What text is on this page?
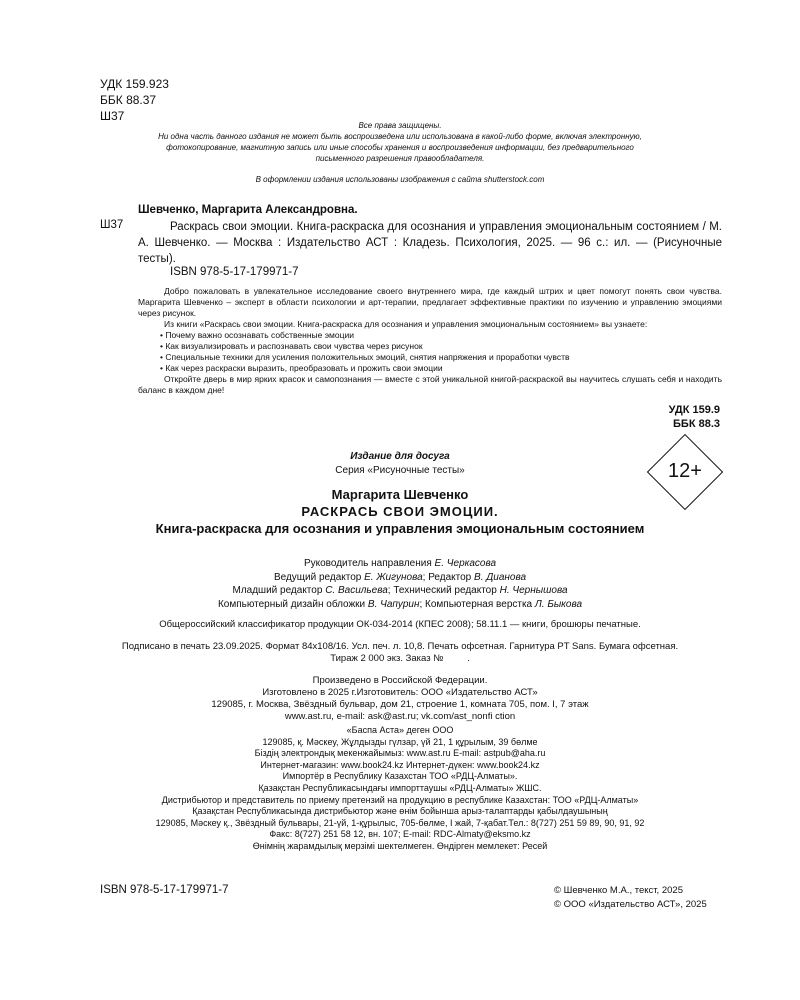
УДК 159.923
ББК 88.37
Ш37
Все права защищены.
Ни одна часть данного издания не может быть воспроизведена или использована в какой-либо форме, включая электронную,
фотокопирование, магнитную запись или иные способы хранения и воспроизведения информации, без предварительного
письменного разрешения правообладателя.
В оформлении издания использованы изображения с сайта shutterstock.com
Шевченко, Маргарита Александровна.
Ш37	Раскрась свои эмоции. Книга-раскраска для осознания и управления эмоциональным состоянием / М. А. Шевченко. — Москва : Издательство АСТ : Кладезь. Психология, 2025. — 96 с.: ил. — (Рисуночные тесты).
ISBN 978-5-17-179971-7

Добро пожаловать в увлекательное исследование своего внутреннего мира, где каждый штрих и цвет помогут понять свои чувства. Маргарита Шевченко – эксперт в области психологии и арт-терапии, предлагает эффективные практики по изучению и управлению эмоциями через рисунок.

Из книги «Раскрась свои эмоции. Книга-раскраска для осознания и управления эмоциональным состоянием» вы узнаете:

• Почему важно осознавать собственные эмоции
• Как визуализировать и распознавать свои чувства через рисунок
• Специальные техники для усиления положительных эмоций, снятия напряжения и проработки чувств
• Как через раскраски выразить, преобразовать и прожить свои эмоции

Откройте дверь в мир ярких красок и самопознания — вместе с этой уникальной книгой-раскраской вы научитесь слушать себя и находить баланс в каждом дне!

УДК 159.9
ББК 88.3
Издание для досуга
Серия «Рисуночные тесты»	12+
Маргарита Шевченко
РАСКРАСЬ СВОИ ЭМОЦИИ.
Книга-раскраска для осознания и управления эмоциональным состоянием
Руководитель направления Е. Черкасова
Ведущий редактор Е. Жигунова; Редактор В. Дианова
Младший редактор С. Васильева; Технический редактор Н. Чернышова
Компьютерный дизайн обложки В. Чапурин; Компьютерная верстка Л. Быкова
Общероссийский классификатор продукции ОК-034-2014 (КПЕС 2008); 58.11.1 — книги, брошюры печатные.
Подписано в печать 23.09.2025. Формат 84x108/16. Усл. печ. л. 10,8. Печать офсетная. Гарнитура PT Sans. Бумага офсетная.
Тираж 2 000 экз. Заказ №         .
Произведено в Российской Федерации.
Изготовлено в 2025 г.Изготовитель: ООО «Издательство АСТ»
129085, г. Москва, Звёздный бульвар, дом 21, строение 1, комната 705, пом. I, 7 этаж
www.ast.ru, e-mail: ask@ast.ru; vk.com/ast_nonfi ction
«Баспа Аста» деген ООО
129085, қ. Мәскеу, Жұлдызды гүлзар, үй 21, 1 құрылым, 39 бөлме
Біздің электрондық мекенжайымыз: www.ast.ru E-mail: astpub@aha.ru
Интернет-магазин: www.book24.kz Интернет-дүкен: www.book24.kz
Импортёр в Республику Казахстан ТОО «РДЦ-Алматы».
Қазақстан Республикасындағы импорттаушы «РДЦ-Алматы» ЖШС.
Дистрибьютор и представитель по приему претензий на продукцию в республике Казахстан: ТОО «РДЦ-Алматы»
Қазақстан Республикасында дистрибьютор және өнім бойынша арыз-талаптарды қабылдаушының
129085, Мәскеу қ., Звёздный бульвары, 21-үй, 1-құрылыс, 705-бөлме, I жай, 7-қабат.Тел.: 8(727) 251 59 89, 90, 91, 92
Факс: 8(727) 251 58 12, вн. 107; E-mail: RDC-Almaty@eksmo.kz
Өнімнің жарамдылық мерзімі шектелмеген. Өндірген мемлекет: Ресей
ISBN 978-5-17-179971-7	© Шевченко М.А., текст, 2025
© ООО «Издательство АСТ», 2025
